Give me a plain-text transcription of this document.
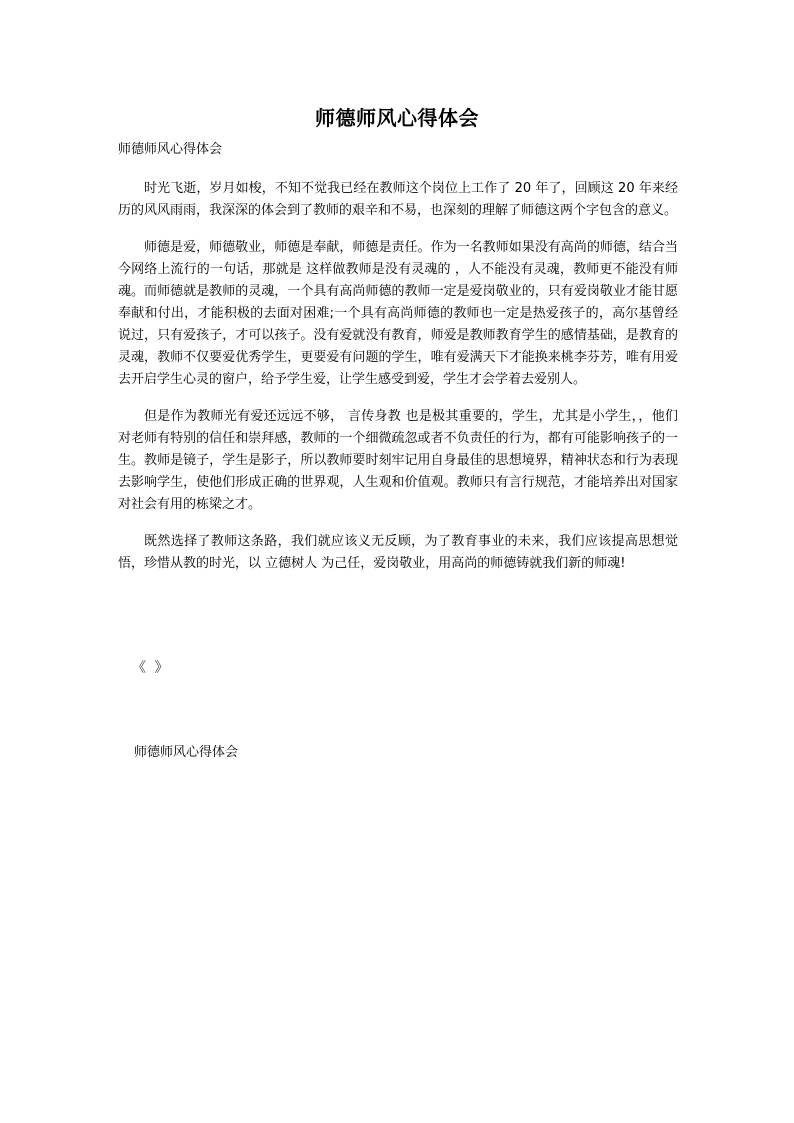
师德师风心得体会
师德师风心得体会

时光飞逝，岁月如梭，不知不觉我已经在教师这个岗位上工作了 20 年了，回顾这 20 年来经历的风风雨雨，我深深的体会到了教师的艰辛和不易，也深刻的理解了师德这两个字包含的意义。

师德是爱，师德敬业，师德是奉献，师德是责任。作为一名教师如果没有高尚的师德，结合当今网络上流行的一句话，那就是 这样做教师是没有灵魂的 ，人不能没有灵魂，教师更不能没有师魂。而师德就是教师的灵魂，一个具有高尚师德的教师一定是爱岗敬业的，只有爱岗敬业才能甘愿奉献和付出，才能积极的去面对困难;一个具有高尚师德的教师也一定是热爱孩子的，高尔基曾经说过，只有爱孩子，才可以孩子。没有爱就没有教育，师爱是教师教育学生的感情基础，是教育的灵魂，教师不仅要爱优秀学生，更要爱有问题的学生，唯有爱满天下才能换来桃李芬芳，唯有用爱去开启学生心灵的窗户，给予学生爱，让学生感受到爱，学生才会学着去爱别人。

但是作为教师光有爱还远远不够， 言传身教 也是极其重要的，学生，尤其是小学生，，他们对老师有特别的信任和崇拜感，教师的一个细微疏忽或者不负责任的行为，都有可能影响孩子的一生。教师是镜子，学生是影子，所以教师要时刻牢记用自身最佳的思想境界，精神状态和行为表现去影响学生，使他们形成正确的世界观，人生观和价值观。教师只有言行规范，才能培养出对国家对社会有用的栋梁之才。

既然选择了教师这条路，我们就应该义无反顾，为了教育事业的未来，我们应该提高思想觉悟，珍惜从教的时光，以 立德树人 为己任，爱岗敬业，用高尚的师德铸就我们新的师魂!

《 》
师德师风心得体会
